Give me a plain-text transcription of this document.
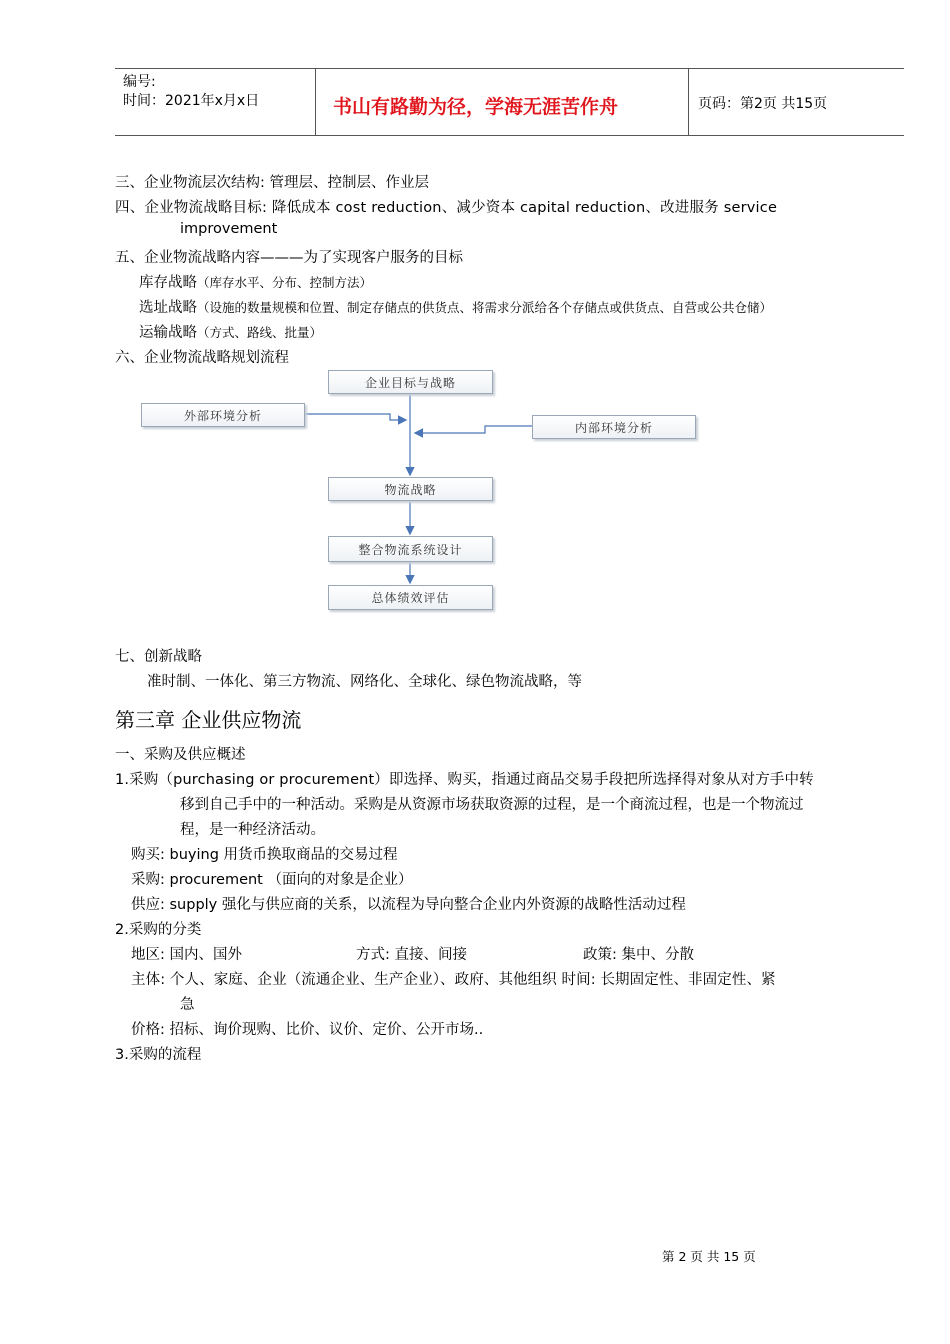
编号:
时间：2021年x月x日	书山有路勤为径，学海无涯苦作舟	页码：第2页 共15页
三、企业物流层次结构: 管理层、控制层、作业层
四、企业物流战略目标: 降低成本 cost reduction、减少资本 capital reduction、改进服务 service
improvement
五、企业物流战略内容———为了实现客户服务的目标
库存战略（库存水平、分布、控制方法）
选址战略（设施的数量规模和位置、制定存储点的供货点、将需求分派给各个存储点或供货点、自营或公共仓储）
运输战略（方式、路线、批量）
六、企业物流战略规划流程
企业目标与战略
外部环境分析
内部环境分析
物流战略
整合物流系统设计
总体绩效评估
七、创新战略
准时制、一体化、第三方物流、网络化、全球化、绿色物流战略，等
第三章 企业供应物流
一、采购及供应概述
1.采购（purchasing or procurement）即选择、购买，指通过商品交易手段把所选择得对象从对方手中转
移到自己手中的一种活动。采购是从资源市场获取资源的过程，是一个商流过程，也是一个物流过
程，是一种经济活动。
购买: buying 用货币换取商品的交易过程
采购: procurement （面向的对象是企业）
供应: supply 强化与供应商的关系，以流程为导向整合企业内外资源的战略性活动过程
2.采购的分类
地区: 国内、国外	方式: 直接、间接	政策: 集中、分散
主体: 个人、家庭、企业（流通企业、生产企业）、政府、其他组织 时间: 长期固定性、非固定性、紧
急
价格: 招标、询价现购、比价、议价、定价、公开市场..
3.采购的流程
第 2 页 共 15 页
